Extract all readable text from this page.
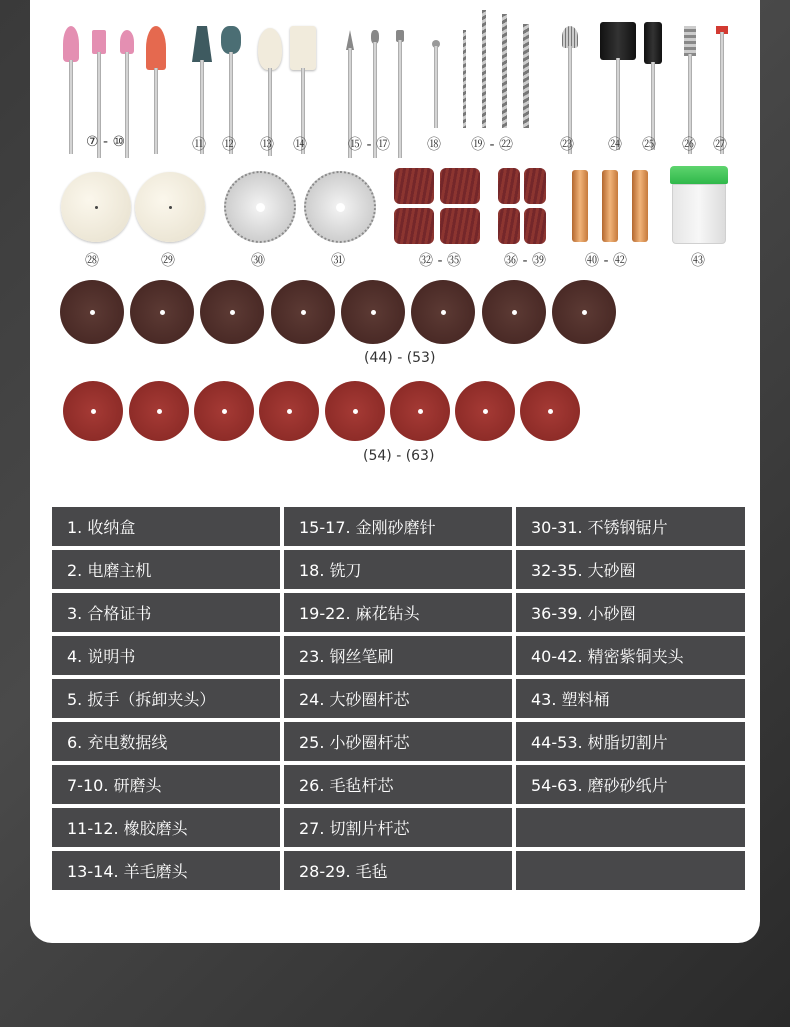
⑦ - ⑩	⑪ ⑫ ⑬ ⑭	⑮ - ⑰	⑱ ⑲ - ㉒	㉓ ㉔ ㉕ ㉖ ㉗
㉘	㉙	㉚	㉛	㉜ - ㉟	㊱ - ㊴	㊵ - ㊷	㊸
(44) - (53)
(54) - (63)
1. 收纳盒	15-17. 金刚砂磨针	30-31. 不锈钢锯片
2. 电磨主机	18. 铣刀	32-35. 大砂圈
3. 合格证书	19-22. 麻花钻头	36-39. 小砂圈
4. 说明书	23. 钢丝笔刷	40-42. 精密紫铜夹头
5. 扳手（拆卸夹头）	24. 大砂圈杆芯	43. 塑料桶
6. 充电数据线	25. 小砂圈杆芯	44-53. 树脂切割片
7-10. 研磨头	26. 毛毡杆芯	54-63. 磨砂砂纸片
11-12. 橡胶磨头	27. 切割片杆芯
13-14. 羊毛磨头	28-29. 毛毡
